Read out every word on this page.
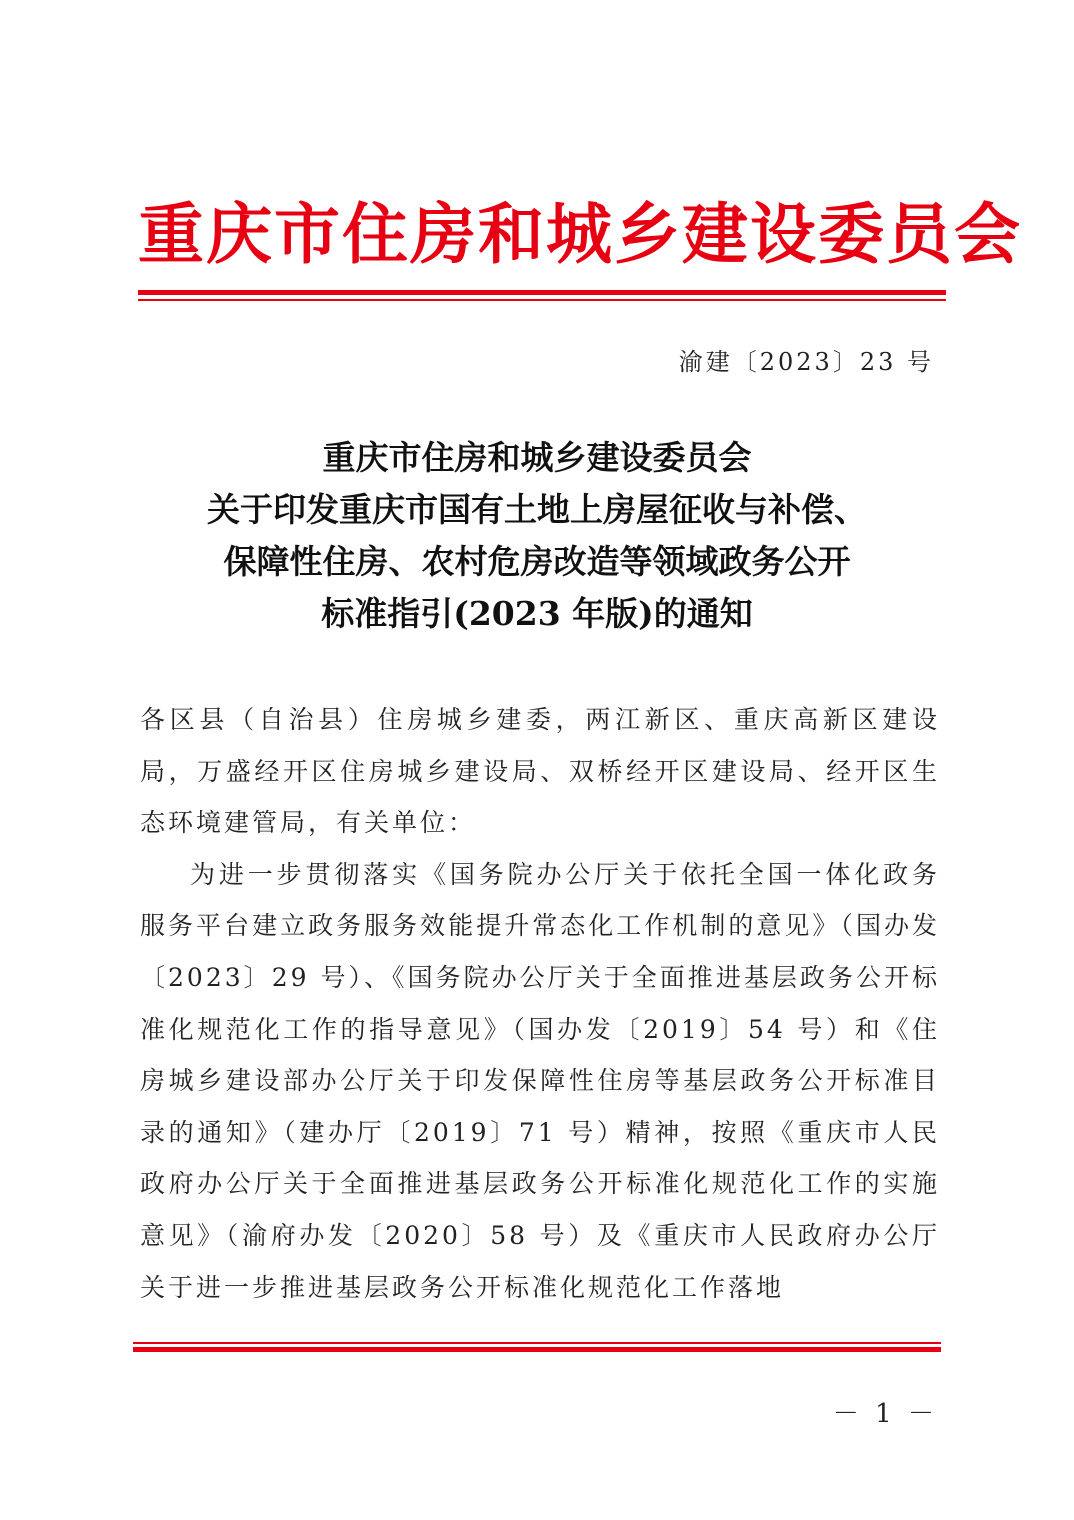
重庆市住房和城乡建设委员会
渝建〔2023〕23 号
重庆市住房和城乡建设委员会
关于印发重庆市国有土地上房屋征收与补偿、
保障性住房、农村危房改造等领域政务公开
标准指引(2023 年版)的通知

各区县（自治县）住房城乡建委，两江新区、重庆高新区建设局，万盛经开区住房城乡建设局、双桥经开区建设局、经开区生态环境建管局，有关单位：

为进一步贯彻落实《国务院办公厅关于依托全国一体化政务服务平台建立政务服务效能提升常态化工作机制的意见》（国办发〔2023〕29 号）、《国务院办公厅关于全面推进基层政务公开标准化规范化工作的指导意见》（国办发〔2019〕54 号）和《住房城乡建设部办公厅关于印发保障性住房等基层政务公开标准目录的通知》（建办厅〔2019〕71 号）精神，按照《重庆市人民政府办公厅关于全面推进基层政务公开标准化规范化工作的实施意见》（渝府办发〔2020〕58 号）及《重庆市人民政府办公厅关于进一步推进基层政务公开标准化规范化工作落地

－ 1 －
